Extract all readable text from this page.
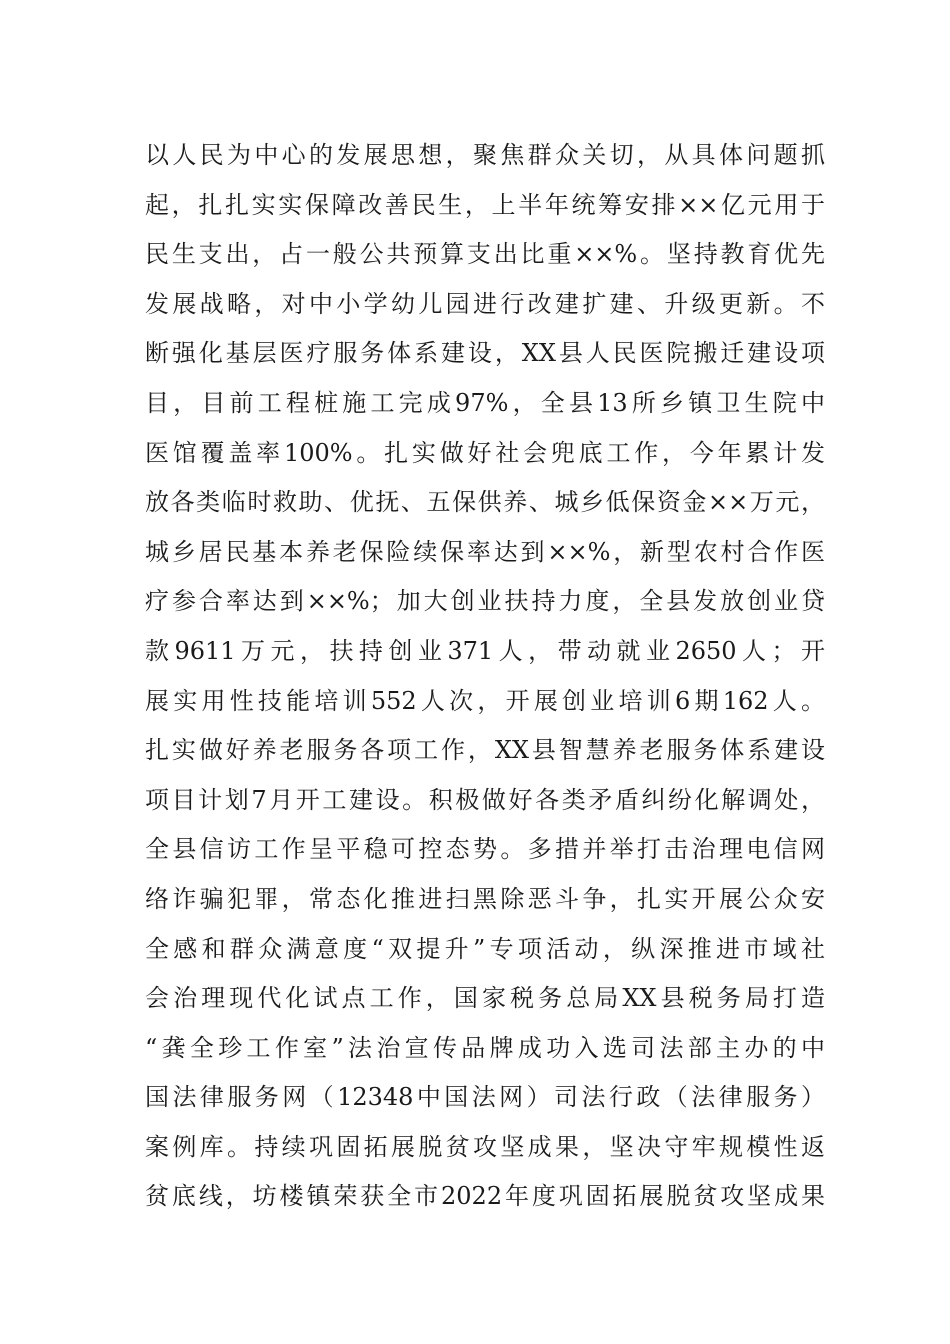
以人民为中心的发展思想，聚焦群众关切，从具体问题抓
起，扎扎实实保障改善民生，上半年统筹安排××亿元用于
民生支出，占一般公共预算支出比重××%。坚持教育优先
发展战略，对中小学幼儿园进行改建扩建、升级更新。不
断强化基层医疗服务体系建设，XX县人民医院搬迁建设项
目，目前工程桩施工完成97%，全县13所乡镇卫生院中
医馆覆盖率100%。扎实做好社会兜底工作，今年累计发
放各类临时救助、优抚、五保供养、城乡低保资金××万元，
城乡居民基本养老保险续保率达到××%，新型农村合作医
疗参合率达到××%；加大创业扶持力度，全县发放创业贷
款9611万元，扶持创业371人，带动就业2650人；开
展实用性技能培训552人次，开展创业培训6期162人。
扎实做好养老服务各项工作，XX县智慧养老服务体系建设
项目计划7月开工建设。积极做好各类矛盾纠纷化解调处，
全县信访工作呈平稳可控态势。多措并举打击治理电信网
络诈骗犯罪，常态化推进扫黑除恶斗争，扎实开展公众安
全感和群众满意度“双提升”专项活动，纵深推进市域社
会治理现代化试点工作，国家税务总局XX县税务局打造
“龚全珍工作室”法治宣传品牌成功入选司法部主办的中
国法律服务网（12348中国法网）司法行政（法律服务）
案例库。持续巩固拓展脱贫攻坚成果，坚决守牢规模性返
贫底线，坊楼镇荣获全市2022年度巩固拓展脱贫攻坚成果
